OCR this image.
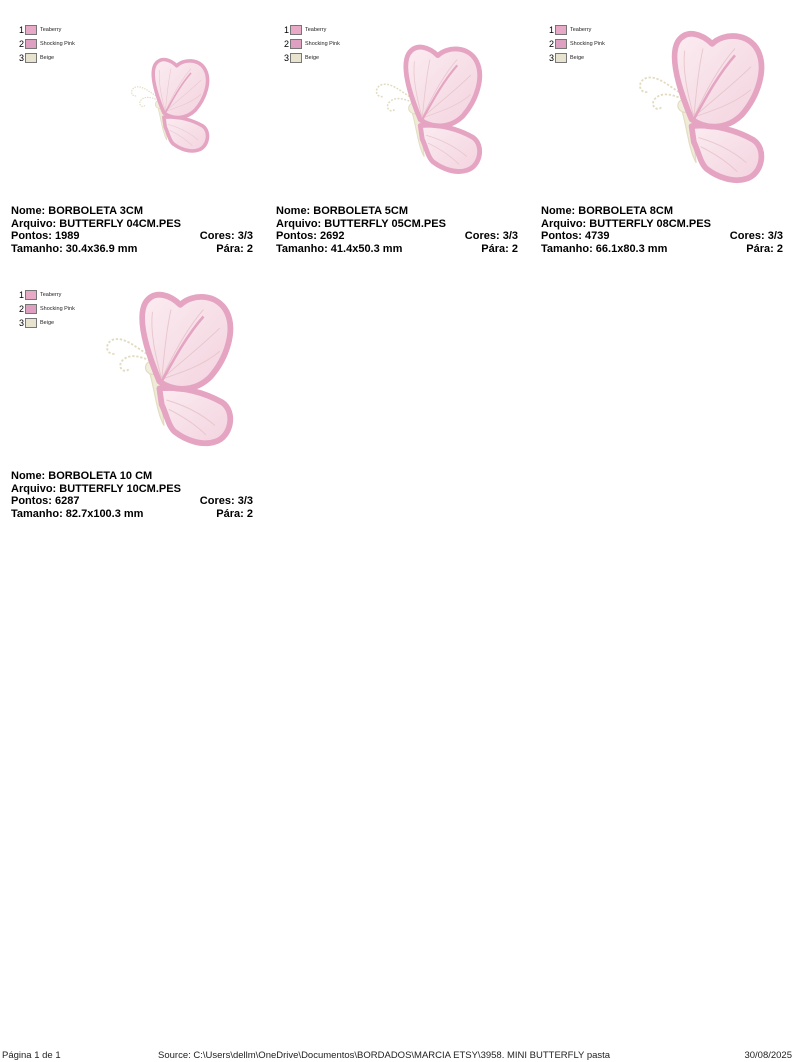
1	Teaberry
2	Shocking Pink
3	Beige
Nome: BORBOLETA 3CM
Arquivo: BUTTERFLY 04CM.PES
Pontos: 1989	Cores: 3/3
Tamanho: 30.4x36.9 mm	Pára: 2
1	Teaberry
2	Shocking Pink
3	Beige
Nome: BORBOLETA 5CM
Arquivo: BUTTERFLY 05CM.PES
Pontos: 2692	Cores: 3/3
Tamanho: 41.4x50.3 mm	Pára: 2
1	Teaberry
2	Shocking Pink
3	Beige
Nome: BORBOLETA 8CM
Arquivo: BUTTERFLY 08CM.PES
Pontos: 4739	Cores: 3/3
Tamanho: 66.1x80.3 mm	Pára: 2
1	Teaberry
2	Shocking Pink
3	Beige
Nome: BORBOLETA 10 CM
Arquivo: BUTTERFLY 10CM.PES
Pontos: 6287	Cores: 3/3
Tamanho: 82.7x100.3 mm	Pára: 2
Página 1 de 1	Source: C:\Users\dellm\OneDrive\Documentos\BORDADOS\MARCIA ETSY\3958. MINI BUTTERFLY pasta	30/08/2025
